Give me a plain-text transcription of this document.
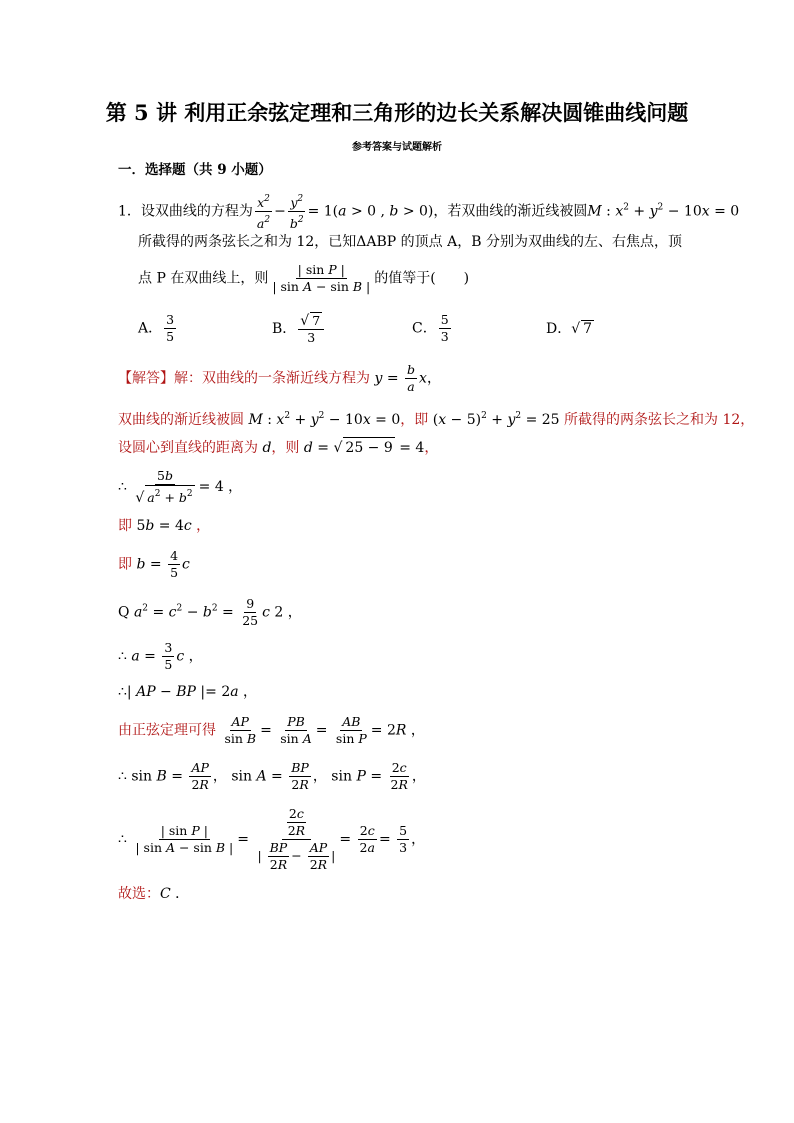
第 5 讲 利用正余弦定理和三角形的边长关系解决圆锥曲线问题
参考答案与试题解析
一．选择题（共 9 小题）
1．设双曲线的方程为 $\frac{x^2}{a^2} - \frac{y^2}{b^2} = 1(a > 0$ , b > 0)，若双曲线的渐近线被圆M : $x^2 + y^2 - 10x = 0$
所截得的两条弦长之和为 12，已知ΔABP 的顶点 A，B 分别为双曲线的左、右焦点，顶
点 P 在双曲线上，则 $\frac{\text{| sin P |}}{\text{| sin A − sin B |}}$ 的值等于(　　)
A． $\frac{3}{5}$	B． $\frac{√ 7}{3}$	C． $\frac{5}{3}$	D．√ 7
【解答】解：双曲线的一条渐近线方程为 $y = \frac{b}{a}$ x，
双曲线的渐近线被圆 M : $x^2 + y^2 - 10x = 0$，即 $(x - 5)^2 + y^2 = 25$ 所截得的两条弦长之和为 12，
设圆心到直线的距离为 d，则 d = √ 25 − 9 = 4，
∴ $\frac{5b}{√ a^2 + b^2} = 4$ ，
即 5b = 4c ，
即 $b = \frac{4}{5}$ c
Q $a^2 = c^2 - b^2 = \frac{9}{25}$ c 2 ，
∴ $a = \frac{3}{5}$ c ，
∴| AP − BP |= 2a ，
由正弦定理可得 $\frac{AP}{\text{sin B}} = \frac{PB}{\text{sin A}} = \frac{AB}{\text{sin P}} = 2R$ ，
∴ $\sin B = \frac{AP}{2R}$ ， $\sin A = \frac{BP}{2R}$ ， $\sin P = \frac{2c}{2R}$ ，
∴ $\frac{\text{| sin P |}}{\text{| sin A − sin B |}} = \frac{\frac{2c}{2R}}{| \frac{BP}{2R} - \frac{AP}{2R} |} = \frac{2c}{2a} = \frac{5}{3}$ ，
故选：C ．
